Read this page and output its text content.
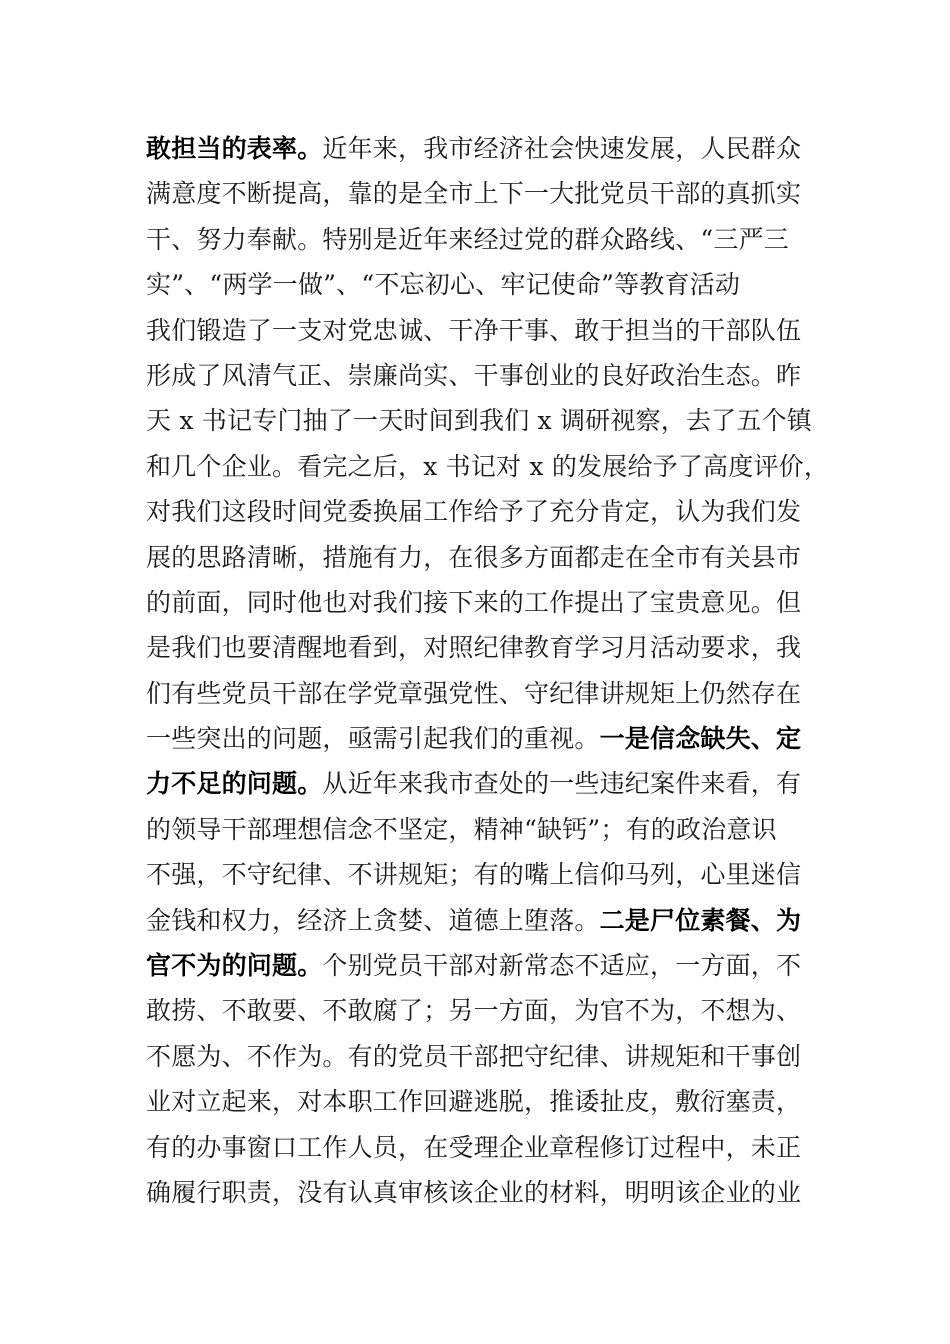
敢担当的表率。近年来，我市经济社会快速发展，人民群众
满意度不断提高，靠的是全市上下一大批党员干部的真抓实
干、努力奉献。特别是近年来经过党的群众路线、“三严三
实”、“两学一做”、“不忘初心、牢记使命”等教育活动
我们锻造了一支对党忠诚、干净干事、敢于担当的干部队伍
形成了风清气正、崇廉尚实、干事创业的良好政治生态。昨
天 x 书记专门抽了一天时间到我们 x 调研视察，去了五个镇
和几个企业。看完之后，x 书记对 x 的发展给予了高度评价，
对我们这段时间党委换届工作给予了充分肯定，认为我们发
展的思路清晰，措施有力，在很多方面都走在全市有关县市
的前面，同时他也对我们接下来的工作提出了宝贵意见。但
是我们也要清醒地看到，对照纪律教育学习月活动要求，我
们有些党员干部在学党章强党性、守纪律讲规矩上仍然存在
一些突出的问题，亟需引起我们的重视。一是信念缺失、定
力不足的问题。从近年来我市查处的一些违纪案件来看，有
的领导干部理想信念不坚定，精神“缺钙”；有的政治意识
不强，不守纪律、不讲规矩；有的嘴上信仰马列，心里迷信
金钱和权力，经济上贪婪、道德上堕落。二是尸位素餐、为
官不为的问题。个别党员干部对新常态不适应，一方面，不
敢捞、不敢要、不敢腐了；另一方面，为官不为，不想为、
不愿为、不作为。有的党员干部把守纪律、讲规矩和干事创
业对立起来，对本职工作回避逃脱，推诿扯皮，敷衍塞责，
有的办事窗口工作人员，在受理企业章程修订过程中，未正
确履行职责，没有认真审核该企业的材料，明明该企业的业
